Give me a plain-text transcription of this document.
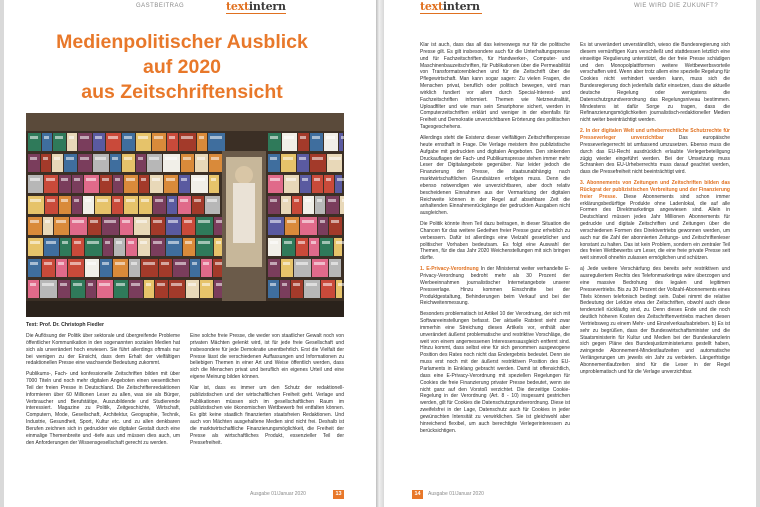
GASTBEITRAG	textintern
Medienpolitischer Ausblick
auf 2020
aus Zeitschriftensicht
Text: Prof. Dr. Christoph Fiedler

Die Auflösung der Politik über sektorale und übergreifende Probleme öffentlicher Kommunikation in den sogenannten sozialen Medien hat sich als unverändert hoch erwiesen. Sie führt allerdings oftmals nur bei wenigen zu der Einsicht, dass dem Erhalt der vielfältigen redaktionellen Presse eine wachsende Bedeutung zukommt.

Publikums-, Fach- und konfessionelle Zeitschriften bilden mit über 7000 Titeln und noch mehr digitalen Angeboten einen wesentlichen Teil der freien Presse in Deutschland. Die Zeitschriftenredaktionen informieren über 60 Millionen Leser zu allen, was sie als Bürger, Verbraucher und Berufstätige, Auszubildende und Studierende interessiert. Magazine zu Politik, Zeitgeschichte, Wirtschaft, Computern, Mode, Gesellschaft, Architektur, Geographie, Technik, Industrie, Gesundheit, Sport, Kultur etc. und zu allen denkbaren Berufen zeichnen sich in gedruckter wie digitaler Gestalt durch eine einmalige Themenbreite und -tiefe aus und müssen dies auch, um den Anforderungen der Wissensgesellschaft gerecht zu werden.

Eine solche freie Presse, die weder von staatlicher Gewalt noch von privaten Mächten gelenkt wird, ist für jede freie Gesellschaft und insbesondere für jede Demokratie unentbehrlich. Erst die Vielfalt der Presse lässt die verschiedenen Auffassungen und Informationen zu beliebigen Themen in einer Art und Weise öffentlich werden, dass sich die Menschen privat und beruflich ein eigenes Urteil und eine eigene Meinung bilden können.

Klar ist, dass es immer um den Schutz der redaktionell-publizistischen und der wirtschaftlichen Freiheit geht. Verlage und Publikationen müssen sich im gesellschaftlichen Raum im publizistischen wie ökonomischen Wettbewerb frei entfalten können. Es gibt keine staatlich finanzierten staatsfreien Redaktionen. Und auch von Mächten ausgehaltene Medien sind nicht frei. Deshalb ist die marktwirtschaftliche Finanzierungsmöglichkeit, die Freiheit der Presse als wirtschaftliches Produkt, essenzieller Teil der Pressefreiheit.

Ausgabe 01/Januar 2020	13
textintern	WIE WIRD DIE ZUKUNFT?

Klar ist auch, dass das all das keineswegs nur für die politische Presse gilt. Es gilt insbesondere auch für die Unterhaltungspresse und für Fachzeitschriften, für Handwerker-, Computer- und Maschinenbauzeitschriften, für Publikationen über die Permeabilität von Transformatorenblechen und für die Zeitschrift über die Pflegewirtschaft. Man kann sogar sagen: Zu vielen Fragen, die Menschen privat, beruflich oder politisch bewegen, wird man wirklich fundiert vor allem durch Special-Interest- und Fachzeitschriften informiert. Themen wie Netzneutralität, Uploadfilter und wie man sein Smartphone sichert, werden in Computerzeitschriften erklärt und weniger in der ebenfalls für Freiheit und Demokratie unverzichtbaren Erörterung des politischen Tagesgeschehens.

Allerdings steht die Existenz dieser vielfältigen Zeitschriftenpresse heute ernsthaft in Frage. Die Verlage meistern ihre publizistische Aufgabe mit gedruckten und digitalen Angeboten. Den sinkenden Druckauflagen der Fach- und Publikumspresse stehen immer mehr Leser der Digitalangebote gegenüber. Nur leider jedoch die Finanzierung der Presse, die staatsunabhängig nach marktwirtschaftlichen Grundsätzen erfolgen muss. Denn die ebenso notwendigen wie unverzichtbaren, aber doch relativ bescheidenen Einnahmen aus der Vermarktung der digitalen Reichweite können in der Regel auf absehbare Zeit die anhaltenden Einnahmenrückgänge der gedruckten Ausgaben nicht ausgleichen.

Die Politik könnte ihren Teil dazu beitragen, in dieser Situation die Chancen für das weitere Gedeihen freier Presse ganz erheblich zu verbessern. Dafür ist allerdings eine Vielzahl gesetzlicher und politischer Vorhaben bedeutsam. Es folgt eine Auswahl der Themen, für die das Jahr 2020 Weichenstellungen mit sich bringen dürfte.

1. E-Privacy-Verordnung In der Ministerrat weiter verhandelte E-Privacy-Verordnung bedroht mehr als 30 Prozent der Werbeeinnahmen journalistischer Internetangebote unserer Pressverlage. Hinzu kommen Einschnitte bei der Produktgestaltung, Behinderungen beim Verkauf und bei der Reichweitenmessung.

Besonders problematisch ist Artikel 10 der Verordnung, der sich mit Softwareeinstellungen befasst. Der aktuelle Ratstext sieht zwar immerhin eine Streichung dieses Artikels vor, enthält aber unverändert äußerst problematische und restriktive Vorschläge, die weit von einem angemessenen Interessensausgleich entfernt sind. Hinzu kommt, dass selbst eine für sich genommen ausgewogene Position des Rates noch nicht das Endergebnis bedeutet. Denn sie muss erst noch mit der äußerst restriktiven Position des EU-Parlaments in Einklang gebracht werden. Damit ist offensichtlich, dass eine E-Privacy-Verordnung mit speziellen Regelungen für Cookies die freie Finanzierung privater Presse bedeutet, wenn sie nicht ganz auf den Vorstoß verzichtet. Die derzeitige Cookie-Regelung in der Verordnung (Art. 8 - 10) insgesamt gestrichen werden, gilt für Cookies die Datenschutzgrundverordnung. Diese ist zweifelsfrei in der Lage, Datenschutz auch für Cookies in jeder gewünschten Intensität zu verwirklichen. Sie ist gleichwohl aber hinreichend flexibel, um auch berechtigte Verlegerinteressen zu berücksichtigen.

Es ist unverändert unverständlich, wieso die Bundesregierung sich diesem vernünftigen Kurs verschließt und stattdessen letztlich eine einseitige Regulierung unterstützt, die der freie Presse schädigen und den Monopolplattformen weitere Wettbewerbsvorteile verschaffen wird. Wenn aber trotz allem eine spezielle Regelung für Cookies nicht verhindert werden kann, muss sich die Bundesregierung doch jedenfalls dafür einsetzen, dass die aktuelle deutsche Regelung oder wenigstens die Datenschutzgrundverordnung das Regelungsniveau bestimmen. Mindestens ist dafür Sorge zu tragen, dass die Refinanzierungsmöglichkeiten journalistisch-redaktioneller Medien nicht weiter beeinträchtigt werden.

2. In der digitalen Welt und urheberrechtliche Schutzrechte für Presseverleger unverzichtbar	Das europäische Presseverlegerrecht ist umfassend umzusetzen. Ebenso muss die durch das EU-Recht ausdrücklich erlaubte Verlegerbeteiligung zügig wieder eingeführt werden. Bei der Umsetzung muss Schranken des EU-Urheberrechts muss darauf geachtet werden, dass die Pressefreiheit nicht beeinträchtigt wird.

3. Abonnements von Zeitungen und Zeitschriften bilden das Rückgrat der publizistischen Verbreitung und der Finanzierung freier Presse. Diese Abonnements sind schon immer erklärungsbedürftige Produkte ohne Ladenlokal, die auf alle Formen des Direktmarketings angewiesen sind. Allein in Deutschland müssen jedes Jahr Millionen Abonnements für gedruckte und digitale Zeitschriften und Zeitungen über die verschiedenen Formen des Direktvertriebs gewonnen werden, um auch nur die Zahl der abonnierten Zeitungs- und Zeitschriftenleser konstant zu halten. Das ist kein Problem, sondern ein zentraler Teil des freien Wettbewerbs um Leser, die eine freie private Presse seit weit sinnvoll ohnehin zulassen ermöglichen und schützen.

a) Jede weitere Verschärfung des bereits sehr restriktiven und ausreguliertem Rechts des Telefonmarketings wäre überzogen und eine massive Bedrohung des legalen und legitimen Pressevertriebs. Bis zu 30 Prozent der Vollzahl-Abonnements eines Titels können telefonisch bedingt sein. Dabei nimmt die relative Bedeutung der Lektüre etwa der Zeitschriften, obwohl auch diese tendenziell rückläufig sind, zu. Denn dieses Ende und die noch deutlich höheren Kosten des Zeitschriftenvertriebs machen diesen Vertriebsweg zu einem Mehr- und Einzelverkaufsabrieben. b) Es ist sehr zu begrüßen, dass der Bundeswirtschaftsminister und die Staatsministerin für Kultur und Medien bei der Bundeskanzlerin sich gegen Pläne des Bundesjustizministeriums gestellt haben, zwingende Abonnement-Mindestlaufzeiten und automatische Verlängerungen um jeweils ein Jahr zu verbieten. Längerfristige Abonnementlaufzeiten sind für die Leser in der Regel unproblematisch und für die Verlage unverzichtbar.

14	Ausgabe 01/Januar 2020
